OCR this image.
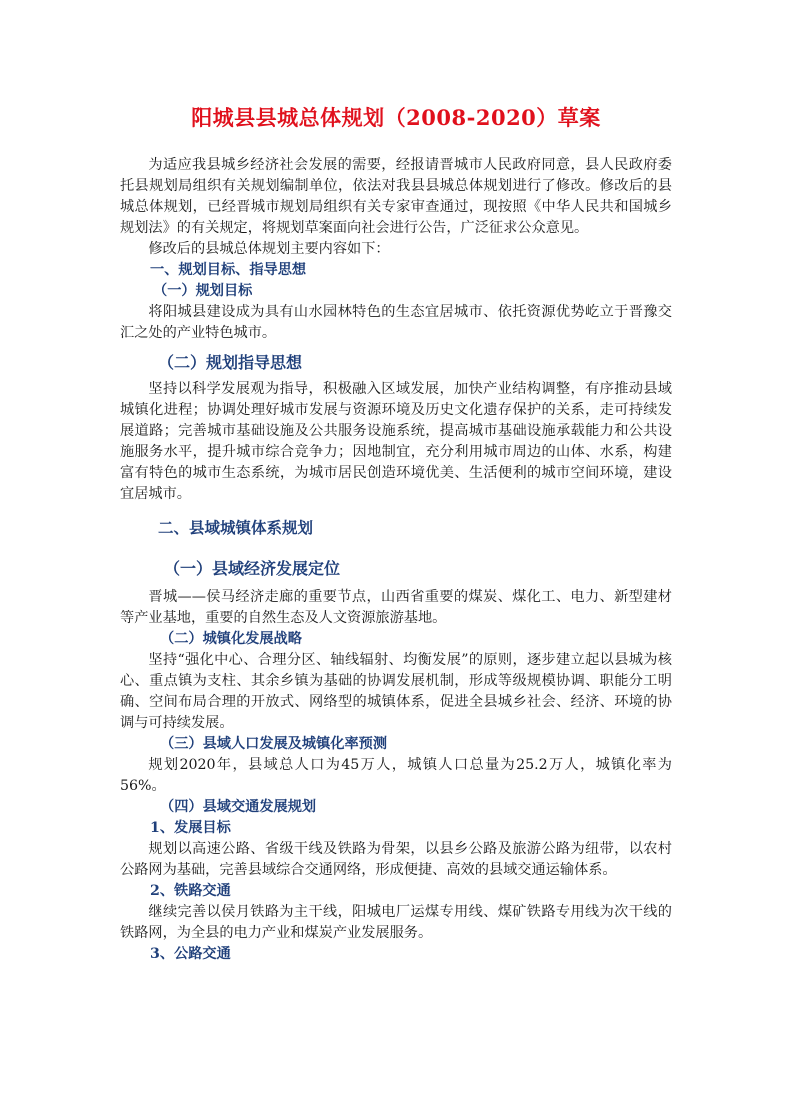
阳城县县城总体规划（2008-2020）草案

为适应我县城乡经济社会发展的需要，经报请晋城市人民政府同意，县人民政府委托县规划局组织有关规划编制单位，依法对我县县城总体规划进行了修改。修改后的县城总体规划，已经晋城市规划局组织有关专家审查通过，现按照《中华人民共和国城乡规划法》的有关规定，将规划草案面向社会进行公告，广泛征求公众意见。

修改后的县城总体规划主要内容如下：

一、规划目标、指导思想

（一）规划目标

将阳城县建设成为具有山水园林特色的生态宜居城市、依托资源优势屹立于晋豫交汇之处的产业特色城市。

（二）规划指导思想

坚持以科学发展观为指导，积极融入区域发展，加快产业结构调整，有序推动县域城镇化进程；协调处理好城市发展与资源环境及历史文化遗存保护的关系，走可持续发展道路；完善城市基础设施及公共服务设施系统，提高城市基础设施承载能力和公共设施服务水平，提升城市综合竞争力；因地制宜，充分利用城市周边的山体、水系，构建富有特色的城市生态系统，为城市居民创造环境优美、生活便利的城市空间环境，建设宜居城市。

二、县域城镇体系规划

（一）县域经济发展定位

晋城——侯马经济走廊的重要节点，山西省重要的煤炭、煤化工、电力、新型建材等产业基地，重要的自然生态及人文资源旅游基地。

（二）城镇化发展战略

坚持“强化中心、合理分区、轴线辐射、均衡发展”的原则，逐步建立起以县城为核心、重点镇为支柱、其余乡镇为基础的协调发展机制，形成等级规模协调、职能分工明确、空间布局合理的开放式、网络型的城镇体系，促进全县城乡社会、经济、环境的协调与可持续发展。

（三）县域人口发展及城镇化率预测

规划2020年，县域总人口为45万人，城镇人口总量为25.2万人，城镇化率为56%。

（四）县域交通发展规划

1、发展目标

规划以高速公路、省级干线及铁路为骨架，以县乡公路及旅游公路为纽带，以农村公路网为基础，完善县域综合交通网络，形成便捷、高效的县域交通运输体系。

2、铁路交通

继续完善以侯月铁路为主干线，阳城电厂运煤专用线、煤矿铁路专用线为次干线的铁路网，为全县的电力产业和煤炭产业发展服务。

3、公路交通
